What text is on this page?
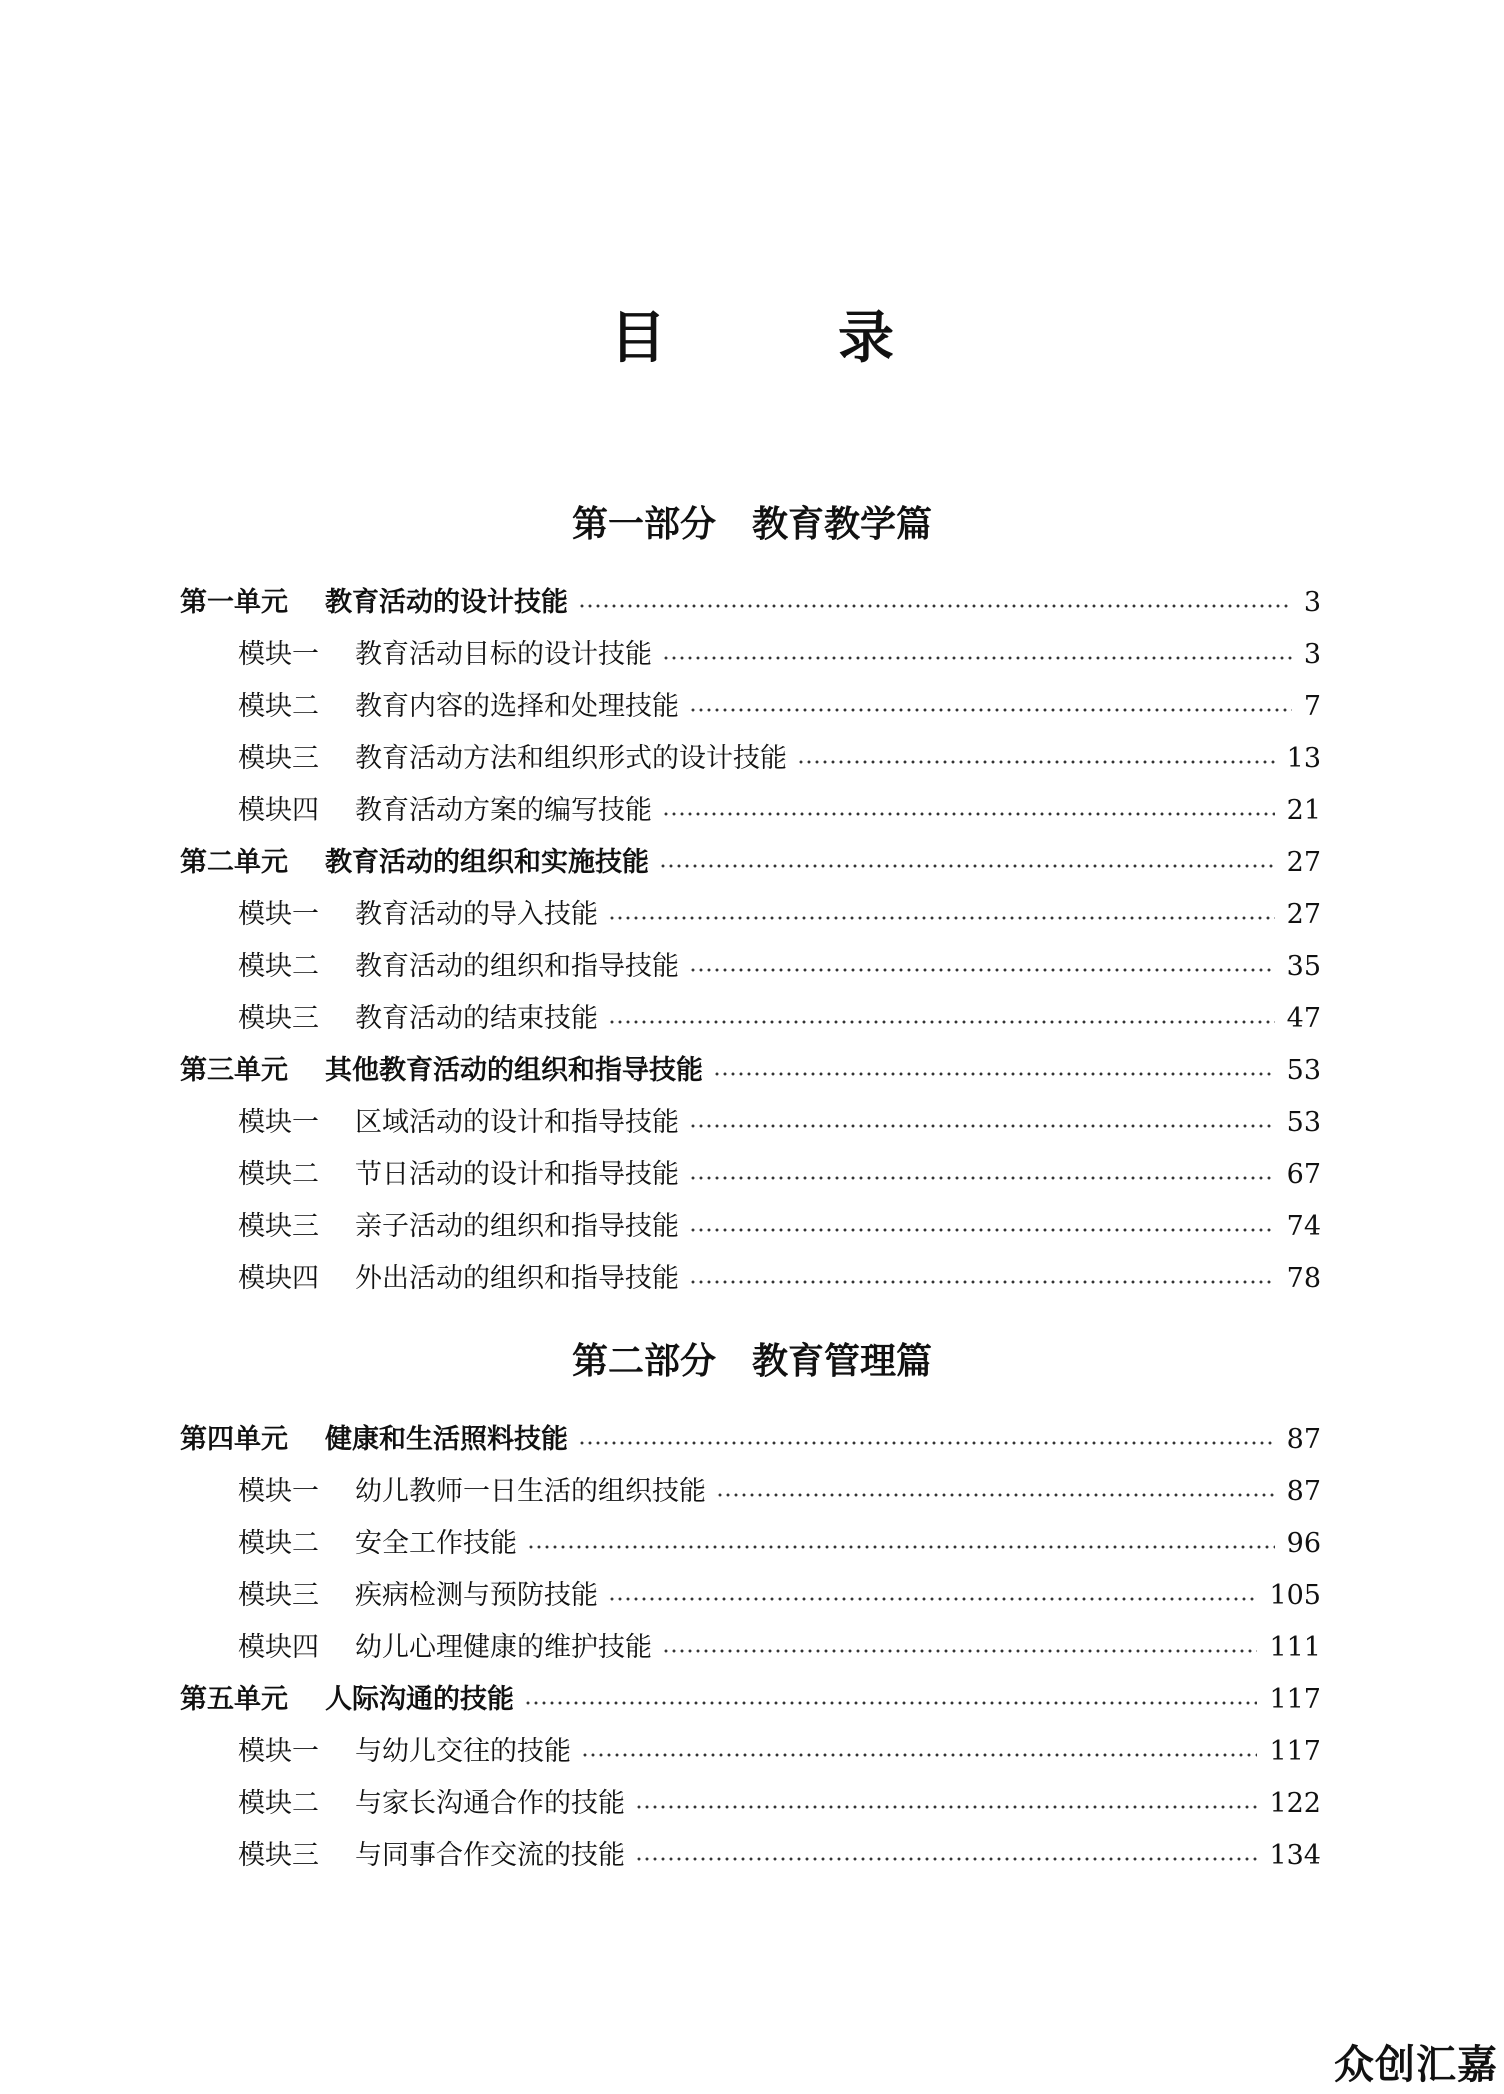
目　录
第一部分　教育教学篇
第一单元	教育活动的设计技能	3
模块一	教育活动目标的设计技能	3
模块二	教育内容的选择和处理技能	7
模块三	教育活动方法和组织形式的设计技能	13
模块四	教育活动方案的编写技能	21
第二单元	教育活动的组织和实施技能	27
模块一	教育活动的导入技能	27
模块二	教育活动的组织和指导技能	35
模块三	教育活动的结束技能	47
第三单元	其他教育活动的组织和指导技能	53
模块一	区域活动的设计和指导技能	53
模块二	节日活动的设计和指导技能	67
模块三	亲子活动的组织和指导技能	74
模块四	外出活动的组织和指导技能	78
第二部分　教育管理篇
第四单元	健康和生活照料技能	87
模块一	幼儿教师一日生活的组织技能	87
模块二	安全工作技能	96
模块三	疾病检测与预防技能	105
模块四	幼儿心理健康的维护技能	111
第五单元	人际沟通的技能	117
模块一	与幼儿交往的技能	117
模块二	与家长沟通合作的技能	122
模块三	与同事合作交流的技能	134
众创汇嘉
